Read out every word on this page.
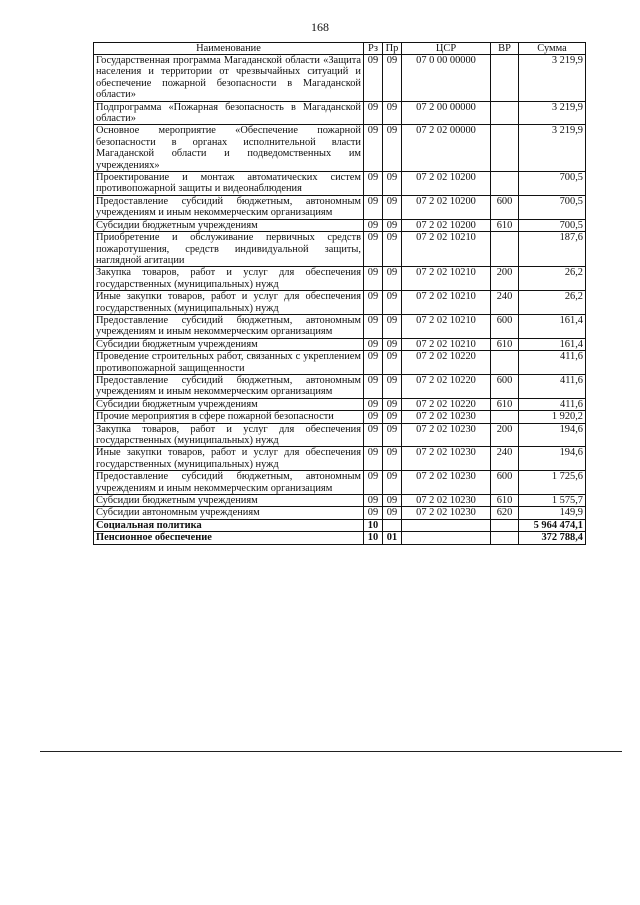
168
Наименование	Рз	Пр	ЦСР	ВР	Сумма
Государственная программа Магаданской области «Защита населения и территории от чрезвычайных ситуаций и обеспечение пожарной безопасности в Магаданской области»	09	09	07 0 00 00000		3 219,9
Подпрограмма «Пожарная безопасность в Магаданской области»	09	09	07 2 00 00000		3 219,9
Основное мероприятие «Обеспечение пожарной безопасности в органах исполнительной власти Магаданской области и подведомственных им учреждениях»	09	09	07 2 02 00000		3 219,9
Проектирование и монтаж автоматических систем противопожарной защиты и видеонаблюдения	09	09	07 2 02 10200		700,5
Предоставление субсидий бюджетным, автономным учреждениям и иным некоммерческим организациям	09	09	07 2 02 10200	600	700,5
Субсидии бюджетным учреждениям	09	09	07 2 02 10200	610	700,5
Приобретение и обслуживание первичных средств пожаротушения, средств индивидуальной защиты, наглядной агитации	09	09	07 2 02 10210		187,6
Закупка товаров, работ и услуг для обеспечения государственных (муниципальных) нужд	09	09	07 2 02 10210	200	26,2
Иные закупки товаров, работ и услуг для обеспечения государственных (муниципальных) нужд	09	09	07 2 02 10210	240	26,2
Предоставление субсидий бюджетным, автономным учреждениям и иным некоммерческим организациям	09	09	07 2 02 10210	600	161,4
Субсидии бюджетным учреждениям	09	09	07 2 02 10210	610	161,4
Проведение строительных работ, связанных с укреплением противопожарной защищенности	09	09	07 2 02 10220		411,6
Предоставление субсидий бюджетным, автономным учреждениям и иным некоммерческим организациям	09	09	07 2 02 10220	600	411,6
Субсидии бюджетным учреждениям	09	09	07 2 02 10220	610	411,6
Прочие мероприятия в сфере пожарной безопасности	09	09	07 2 02 10230		1 920,2
Закупка товаров, работ и услуг для обеспечения государственных (муниципальных) нужд	09	09	07 2 02 10230	200	194,6
Иные закупки товаров, работ и услуг для обеспечения государственных (муниципальных) нужд	09	09	07 2 02 10230	240	194,6
Предоставление субсидий бюджетным, автономным учреждениям и иным некоммерческим организациям	09	09	07 2 02 10230	600	1 725,6
Субсидии бюджетным учреждениям	09	09	07 2 02 10230	610	1 575,7
Субсидии автономным учреждениям	09	09	07 2 02 10230	620	149,9
Социальная политика	10				5 964 474,1
Пенсионное обеспечение	10	01			372 788,4
